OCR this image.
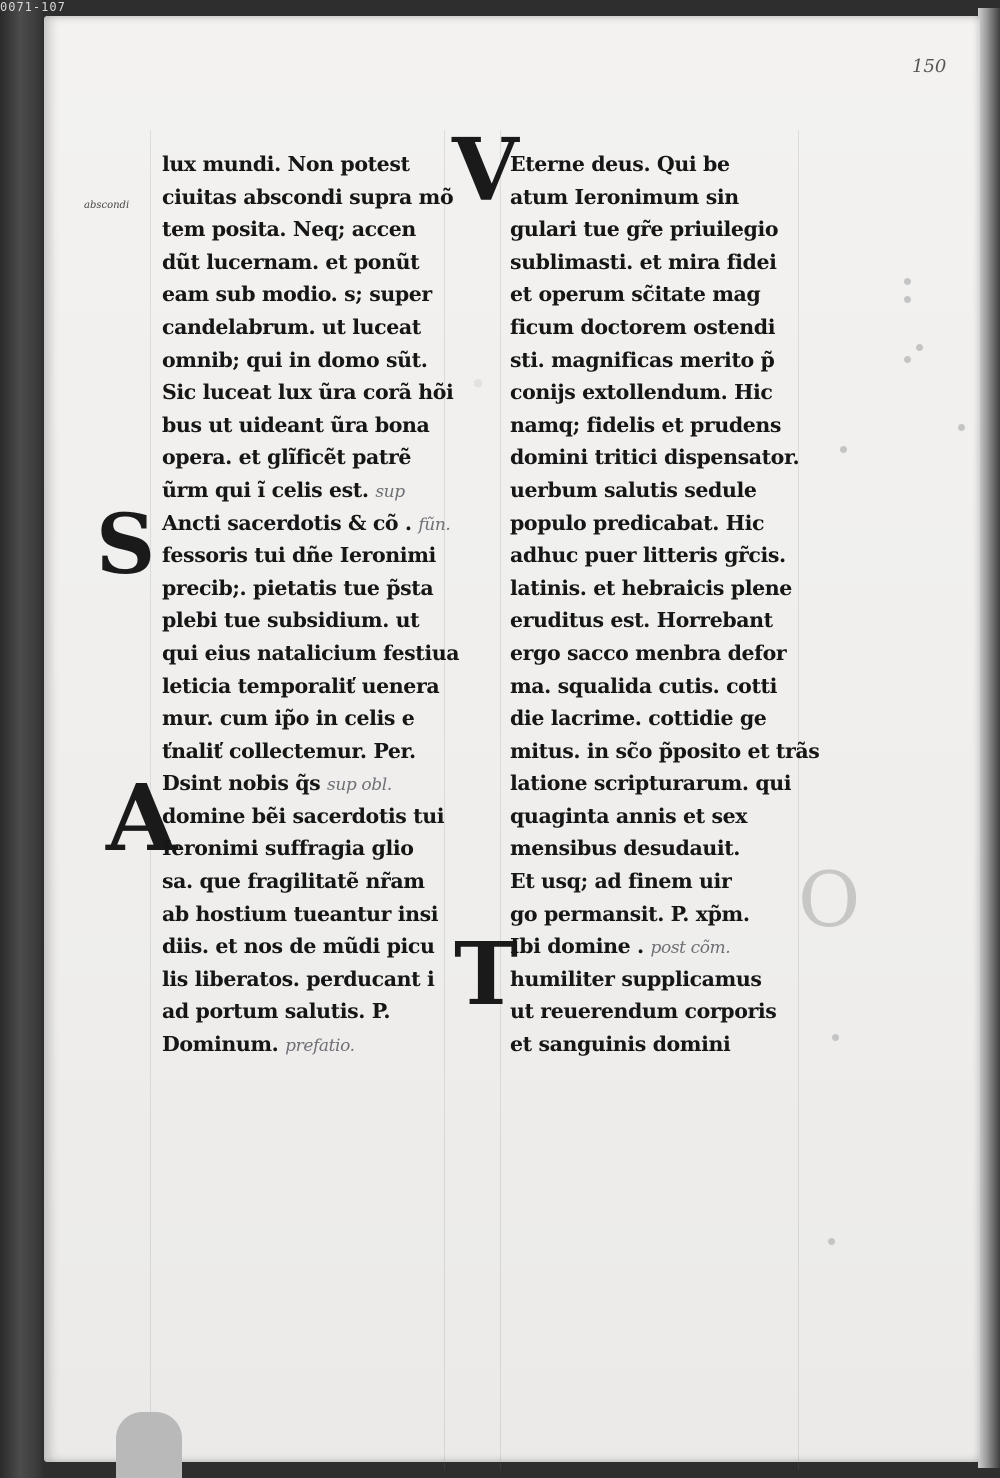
0071-107
150
abscondi
·
V
S
A
T
O
lux mundi. Non potest
ciuitas abscondi supra mõ
tem posita. Neq; accen
dũt lucernam. et ponũt
eam sub modio. s; super
candelabrum. ut luceat
omnib; qui in domo sũt.
Sic luceat lux ũra corã hõi
bus ut uideant ũra bona
opera. et glĩficẽt patrẽ
ũrm qui ĩ celis est. sup
Ancti sacerdotis & cõ . fũn.
fessoris tui dñe Ieronimi
precib;. pietatis tue p̃sta
plebi tue subsidium. ut
qui eius natalicium festiua
leticia temporaliť uenera
mur. cum ip̃o in celis e
ťnaliť collectemur. Per.
Dsint nobis q̃s sup obl.
domine bẽi sacerdotis tui
Ieronimi suffragia glio
sa. que fragilitatẽ nr̃am
ab hostium tueantur insi
diis. et nos de mũdi picu
lis liberatos. perducant i
ad portum salutis. P.
Dominum. prefatio.
Eterne deus. Qui be
atum Ieronimum sin
gulari tue gr̃e priuilegio
sublimasti. et mira fidei
et operum sc̃itate mag
ficum doctorem ostendi
sti. magnificas merito p̃
conijs extollendum. Hic
namq; fidelis et prudens
domini tritici dispensator.
uerbum salutis sedule
populo predicabat. Hic
adhuc puer litteris gr̃cis.
latinis. et hebraicis plene
eruditus est. Horrebant
ergo sacco menbra defor
ma. squalida cutis. cotti
die lacrime. cottidie ge
mitus. in sc̃o p̃posito et trãs
latione scripturarum. qui
quaginta annis et sex
mensibus desudauit.
Et usq; ad finem uir
go permansit. P. xp̃m.
Ibi domine . post cõm.
humiliter supplicamus
ut reuerendum corporis
et sanguinis domini
